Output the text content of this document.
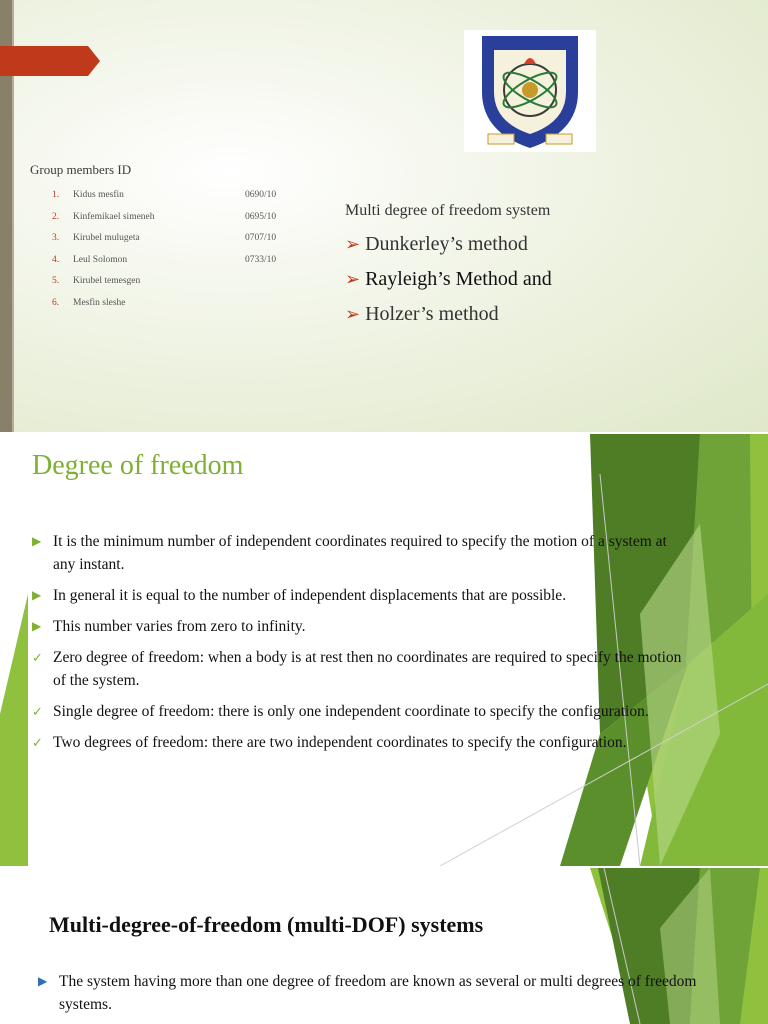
Group members ID
1. Kidus mesfin	0690/10
2. Kinfemikael simeneh	0695/10
3. Kirubel mulugeta	0707/10
4. Leul Solomon	0733/10
5. Kirubel temesgen
6. Mesfin sleshe
Multi degree of freedom system
➢ Dunkerley’s method
➢ Rayleigh’s Method and
➢ Holzer’s method
Degree of freedom
▶ It is the minimum number of independent coordinates required to specify the motion of a system at any instant.
▶ In general it is equal to the number of independent displacements that are possible.
▶ This number varies from zero to infinity.
✓ Zero degree of freedom: when a body is at rest then no coordinates are required to specify the motion of the system.
✓ Single degree of freedom: there is only one independent coordinate to specify the configuration.
✓ Two degrees of freedom: there are two independent coordinates to specify the configuration.
Multi-degree-of-freedom (multi-DOF) systems
▶ The system having more than one degree of freedom are known as several or multi degrees of freedom systems.
